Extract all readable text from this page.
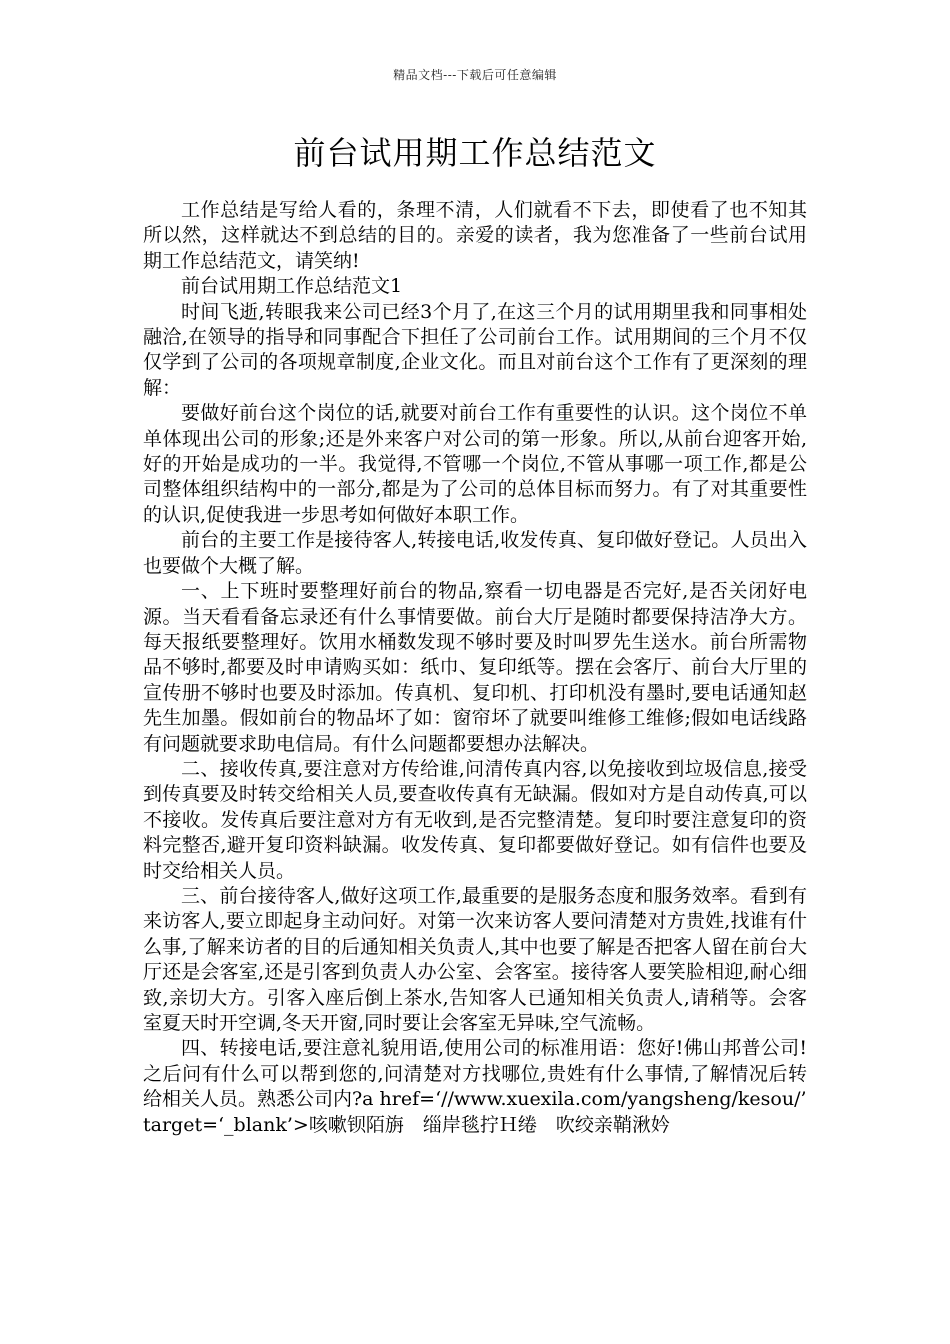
精品文档---下载后可任意编辑
前台试用期工作总结范文

工作总结是写给人看的，条理不清，人们就看不下去，即使看了也不知其所以然，这样就达不到总结的目的。亲爱的读者，我为您准备了一些前台试用期工作总结范文，请笑纳!

前台试用期工作总结范文1

时间飞逝,转眼我来公司已经3个月了,在这三个月的试用期里我和同事相处融洽,在领导的指导和同事配合下担任了公司前台工作。试用期间的三个月不仅仅学到了公司的各项规章制度,企业文化。而且对前台这个工作有了更深刻的理解：

要做好前台这个岗位的话,就要对前台工作有重要性的认识。这个岗位不单单体现出公司的形象;还是外来客户对公司的第一形象。所以,从前台迎客开始,好的开始是成功的一半。我觉得,不管哪一个岗位,不管从事哪一项工作,都是公司整体组织结构中的一部分,都是为了公司的总体目标而努力。有了对其重要性的认识,促使我进一步思考如何做好本职工作。

前台的主要工作是接待客人,转接电话,收发传真、复印做好登记。人员出入也要做个大概了解。

一、上下班时要整理好前台的物品,察看一切电器是否完好,是否关闭好电源。当天看看备忘录还有什么事情要做。前台大厅是随时都要保持洁净大方。每天报纸要整理好。饮用水桶数发现不够时要及时叫罗先生送水。前台所需物品不够时,都要及时申请购买如：纸巾、复印纸等。摆在会客厅、前台大厅里的宣传册不够时也要及时添加。传真机、复印机、打印机没有墨时,要电话通知赵先生加墨。假如前台的物品坏了如：窗帘坏了就要叫维修工维修;假如电话线路有问题就要求助电信局。有什么问题都要想办法解决。

二、接收传真,要注意对方传给谁,问清传真内容,以免接收到垃圾信息,接受到传真要及时转交给相关人员,要查收传真有无缺漏。假如对方是自动传真,可以不接收。发传真后要注意对方有无收到,是否完整清楚。复印时要注意复印的资料完整否,避开复印资料缺漏。收发传真、复印都要做好登记。如有信件也要及时交给相关人员。

三、前台接待客人,做好这项工作,最重要的是服务态度和服务效率。看到有来访客人,要立即起身主动问好。对第一次来访客人要问清楚对方贵姓,找谁有什么事,了解来访者的目的后通知相关负责人,其中也要了解是否把客人留在前台大厅还是会客室,还是引客到负责人办公室、会客室。接待客人要笑脸相迎,耐心细致,亲切大方。引客入座后倒上茶水,告知客人已通知相关负责人,请稍等。会客室夏天时开空调,冬天开窗,同时要让会客室无异味,空气流畅。

四、转接电话,要注意礼貌用语,使用公司的标准用语：您好!佛山邦普公司!之后问有什么可以帮到您的,问清楚对方找哪位,贵姓有什么事情,了解情况后转给相关人员。熟悉公司内?a href=‘//www.xuexila.com/yangsheng/kesou/’

target=‘_blank’>咳嗽钡陌旃　缁岸毯拧Ｈ绻　吹绞亲鞘湫妗
